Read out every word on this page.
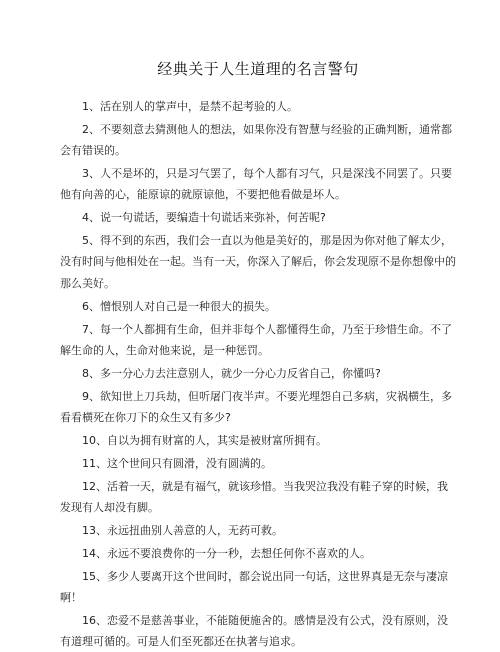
经典关于人生道理的名言警句

1 、 活在别人的掌声中，是禁不起考验的人。

2 、 不要刻意去猜测他人的想法，如果你没有智慧与经验的正确判断，通常都会有错误的。

3 、 人不是坏的，只是习气罢了，每个人都有习气，只是深浅不同罢了。只要他有向善的心，能原谅的就原谅他，不要把他看做是坏人。

4 、 说一句谎话，要编造十句谎话来弥补，何苦呢?

5 、 得不到的东西，我们会一直以为他是美好的，那是因为你对他了解太少，没有时间与他相处在一起。当有一天，你深入了解后，你会发现原不是你想像中的那么美好。

6 、 憎恨别人对自己是一种很大的损失。

7 、 每一个人都拥有生命，但并非每个人都懂得生命，乃至于珍惜生命。不了解生命的人，生命对他来说，是一种惩罚。

8 、 多一分心力去注意别人，就少一分心力反省自己，你懂吗?

9 、 欲知世上刀兵劫，但听屠门夜半声。不要光埋怨自己多病，灾祸横生，多看看横死在你刀下的众生又有多少?

10 、 自以为拥有财富的人，其实是被财富所拥有。

11 、 这个世间只有圆滑，没有圆满的。

12 、 活着一天，就是有福气，就该珍惜。当我哭泣我没有鞋子穿的时候，我发现有人却没有脚。

13 、 永远扭曲别人善意的人，无药可救。

14 、 永远不要浪费你的一分一秒，去想任何你不喜欢的人。

15 、 多少人要离开这个世间时，都会说出同一句话，这世界真是无奈与凄凉啊！

16 、 恋爱不是慈善事业，不能随便施舍的。感情是没有公式，没有原则，没有道理可循的。可是人们至死都还在执著与追求。
